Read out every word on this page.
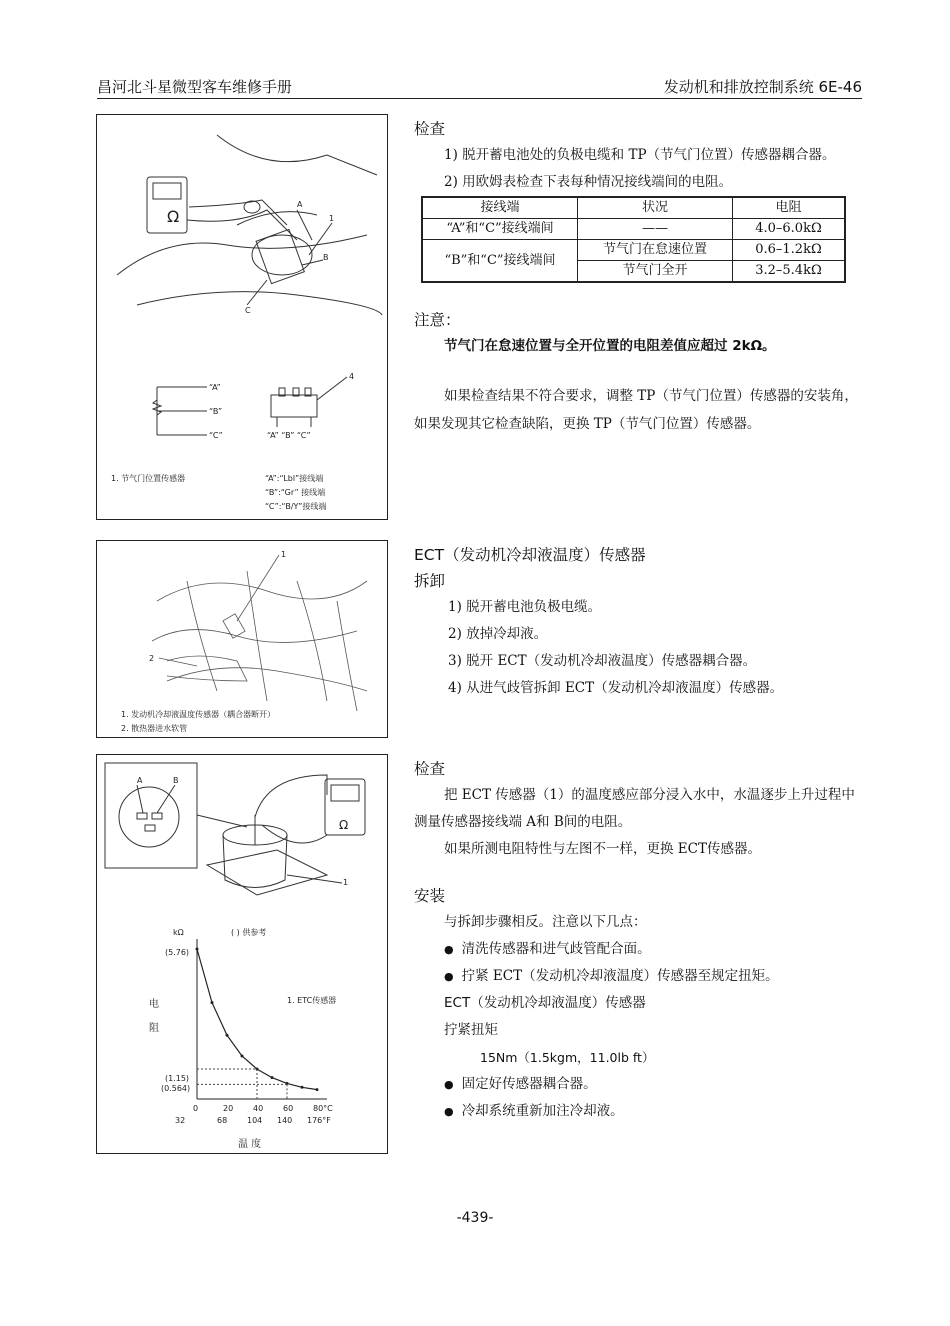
昌河北斗星微型客车维修手册	发动机和排放控制系统 6E-46
Ω
A
1
B
C
“A”
“B”
“C”
4
“A” “B” “C”
1. 节气门位置传感器	“A”:“Lbl”接线端
“B”:“Gr” 接线端
“C”:“B/Y”接线端
检查

1) 脱开蓄电池处的负极电缆和 TP（节气门位置）传感器耦合器。

2) 用欧姆表检查下表每种情况接线端间的电阻。

接线端	状况	电阻
“A”和“C”接线端间	——	4.0–6.0kΩ
“B”和“C”接线端间	节气门在怠速位置	0.6–1.2kΩ
	节气门全开	3.2–5.4kΩ
注意：

节气门在怠速位置与全开位置的电阻差值应超过 2kΩ。

如果检查结果不符合要求，调整 TP（节气门位置）传感器的安装角，如果发现其它检查缺陷，更换 TP（节气门位置）传感器。

1
2
1. 发动机冷却液温度传感器（耦合器断开）
2. 散热器进水软管
ECT（发动机冷却液温度）传感器
拆卸

1) 脱开蓄电池负极电缆。

2) 放掉冷却液。

3) 脱开 ECT（发动机冷却液温度）传感器耦合器。

4) 从进气歧管拆卸 ECT（发动机冷却液温度）传感器。

A	B
1
Ω
kΩ	( ) 供参考
(5.76)
(1.15)
(0.564)
电
阻
1. ETC传感器
温 度
0	20 40 60 80°C
32	68 104 140 176°F
检查

把 ECT 传感器（1）的温度感应部分浸入水中，水温逐步上升过程中测量传感器接线端 A和 B间的电阻。

如果所测电阻特性与左图不一样，更换 ECT传感器。

安装

与拆卸步骤相反。注意以下几点：

● 清洗传感器和进气歧管配合面。

● 拧紧 ECT（发动机冷却液温度）传感器至规定扭矩。

ECT（发动机冷却液温度）传感器

拧紧扭矩

15Nm（1.5kgm，11.0lb ft）

● 固定好传感器耦合器。

● 冷却系统重新加注冷却液。

-439-
